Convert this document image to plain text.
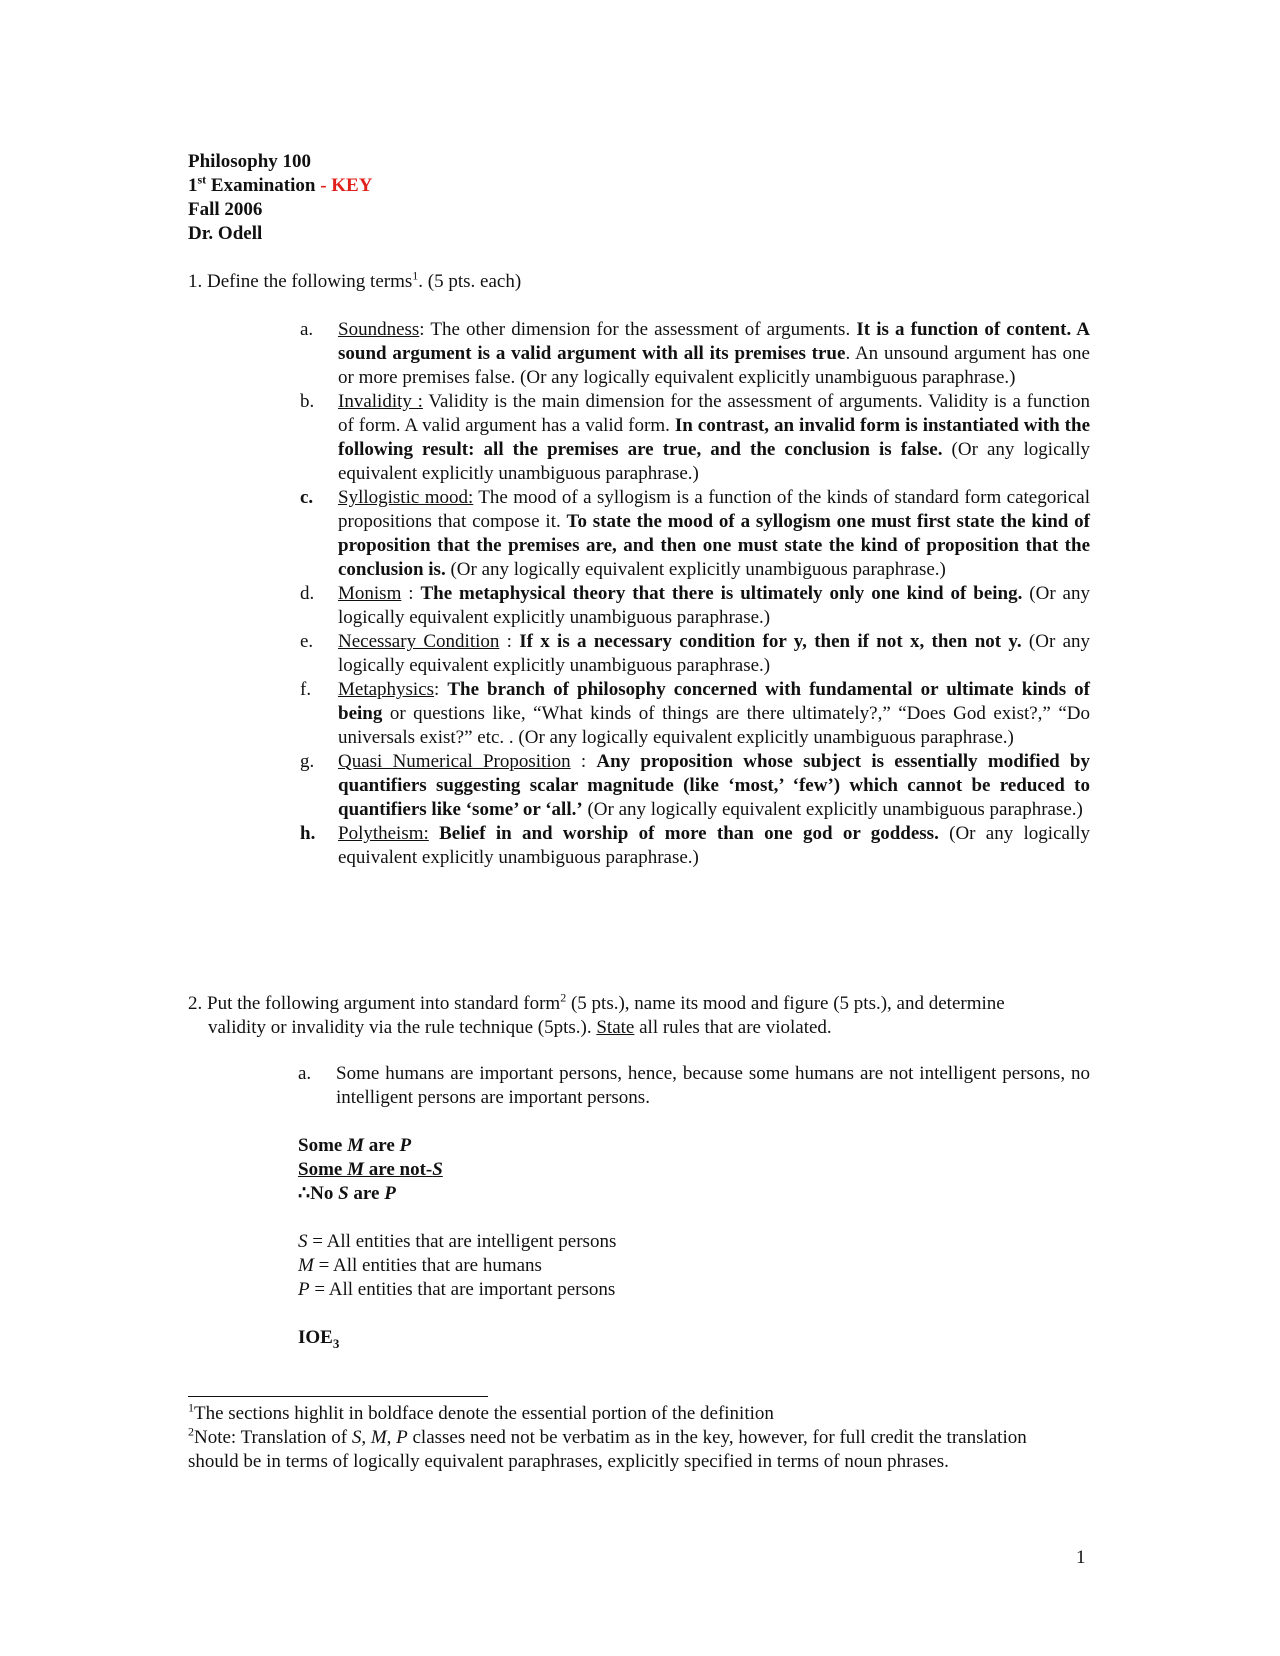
Philosophy 100
1st Examination - KEY
Fall 2006
Dr. Odell
1. Define the following terms$^1$. (5 pts. each)
a. Soundness: The other dimension for the assessment of arguments. It is a function of content. A sound argument is a valid argument with all its premises true. An unsound argument has one or more premises false. (Or any logically equivalent explicitly unambiguous paraphrase.)
b. Invalidity : Validity is the main dimension for the assessment of arguments. Validity is a function of form. A valid argument has a valid form. In contrast, an invalid form is instantiated with the following result: all the premises are true, and the conclusion is false. (Or any logically equivalent explicitly unambiguous paraphrase.)
c. Syllogistic mood: The mood of a syllogism is a function of the kinds of standard form categorical propositions that compose it. To state the mood of a syllogism one must first state the kind of proposition that the premises are, and then one must state the kind of proposition that the conclusion is. (Or any logically equivalent explicitly unambiguous paraphrase.)
d. Monism : The metaphysical theory that there is ultimately only one kind of being. (Or any logically equivalent explicitly unambiguous paraphrase.)
e. Necessary Condition : If x is a necessary condition for y, then if not x, then not y. (Or any logically equivalent explicitly unambiguous paraphrase.)
f. Metaphysics: The branch of philosophy concerned with fundamental or ultimate kinds of being or questions like, “What kinds of things are there ultimately?,” “Does God exist?,” “Do universals exist?” etc. . (Or any logically equivalent explicitly unambiguous paraphrase.)
g. Quasi Numerical Proposition : Any proposition whose subject is essentially modified by quantifiers suggesting scalar magnitude (like ‘most,’ ‘few’) which cannot be reduced to quantifiers like ‘some’ or ‘all.’ (Or any logically equivalent explicitly unambiguous paraphrase.)
h. Polytheism: Belief in and worship of more than one god or goddess. (Or any logically equivalent explicitly unambiguous paraphrase.)
2. Put the following argument into standard form$^2$ (5 pts.), name its mood and figure (5 pts.), and determine
validity or invalidity via the rule technique (5pts.). State all rules that are violated.
a. Some humans are important persons, hence, because some humans are not intelligent persons, no intelligent persons are important persons.
Some M are P
Some M are not-S
∴No S are P
S = All entities that are intelligent persons
M = All entities that are humans
P = All entities that are important persons
$IOE_3$
$^1$The sections highlit in boldface denote the essential portion of the definition
$^2$Note: Translation of S, M, P classes need not be verbatim as in the key, however, for full credit the translation should be in terms of logically equivalent paraphrases, explicitly specified in terms of noun phrases.
1
